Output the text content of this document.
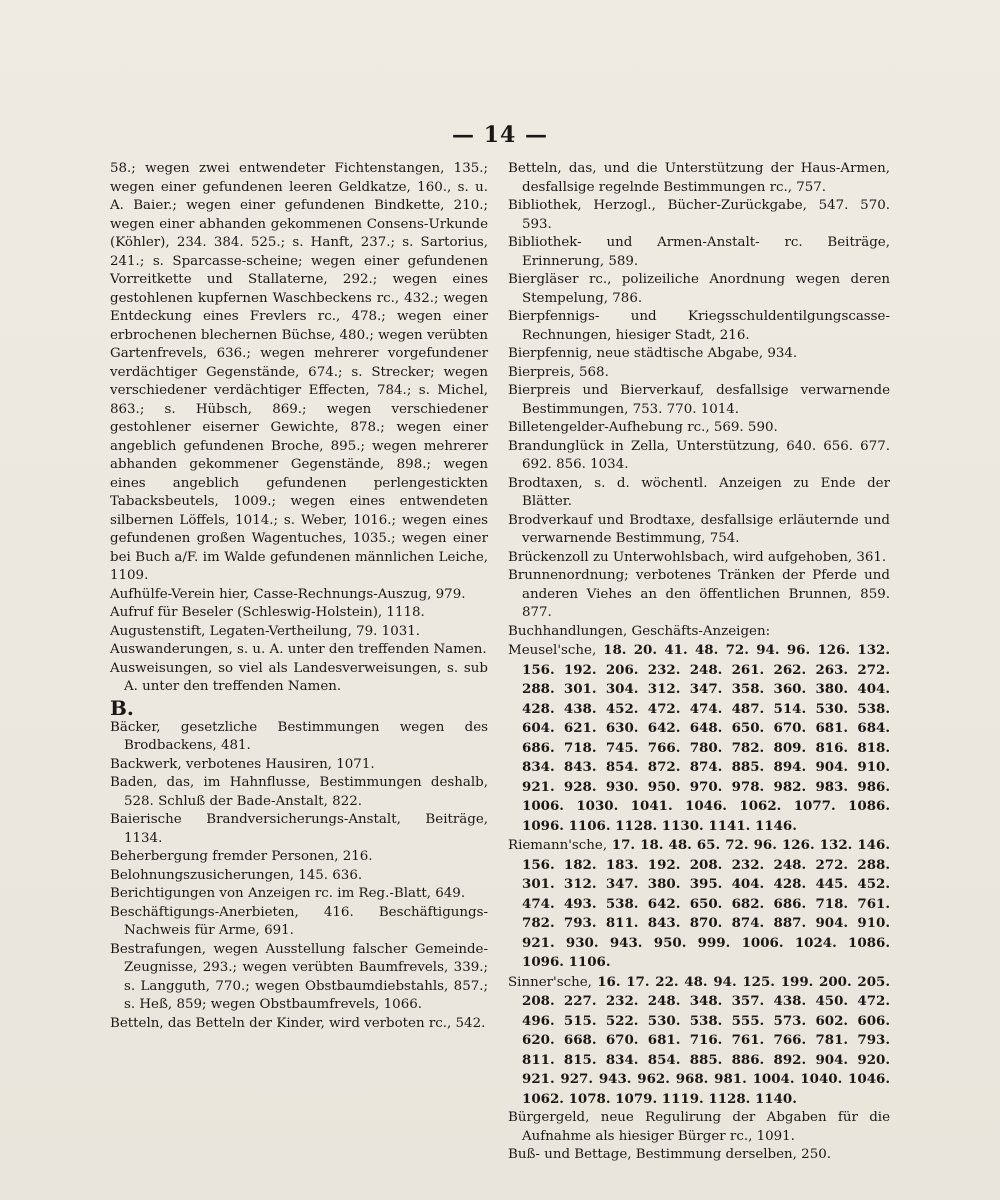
— 14 —

58.; wegen zwei entwendeter Fichtenstangen, 135.; wegen einer gefundenen leeren Geldkatze, 160., s. u. A. Baier.; wegen einer gefundenen Bindkette, 210.; wegen einer abhanden gekommenen Consens-Urkunde (Köhler), 234. 384. 525.; s. Hanft, 237.; s. Sartorius, 241.; s. Sparcasse-scheine; wegen einer gefundenen Vorreitkette und Stallaterne, 292.; wegen eines gestohlenen kupfernen Waschbeckens rc., 432.; wegen Entdeckung eines Frevlers rc., 478.; wegen einer erbrochenen blechernen Büchse, 480.; wegen verübten Gartenfrevels, 636.; wegen mehrerer vorgefundener verdächtiger Gegenstände, 674.; s. Strecker; wegen verschiedener verdächtiger Effecten, 784.; s. Michel, 863.; s. Hübsch, 869.; wegen verschiedener gestohlener eiserner Gewichte, 878.; wegen einer angeblich gefundenen Broche, 895.; wegen mehrerer abhanden gekommener Gegenstände, 898.; wegen eines angeblich gefundenen perlengestickten Tabacksbeutels, 1009.; wegen eines entwendeten silbernen Löffels, 1014.; s. Weber, 1016.; wegen eines gefundenen großen Wagentuches, 1035.; wegen einer bei Buch a/F. im Walde gefundenen männlichen Leiche, 1109.

Aufhülfe-Verein hier, Casse-Rechnungs-Auszug, 979.

Aufruf für Beseler (Schleswig-Holstein), 1118.

Augustenstift, Legaten-Vertheilung, 79. 1031.

Auswanderungen, s. u. A. unter den treffenden Namen.

Ausweisungen, so viel als Landesverweisungen, s. sub A. unter den treffenden Namen.

B.

Bäcker, gesetzliche Bestimmungen wegen des Brodbackens, 481.

Backwerk, verbotenes Hausiren, 1071.

Baden, das, im Hahnflusse, Bestimmungen deshalb, 528. Schluß der Bade-Anstalt, 822.

Baierische Brandversicherungs-Anstalt, Beiträge, 1134.

Beherbergung fremder Personen, 216.

Belohnungszusicherungen, 145. 636.

Berichtigungen von Anzeigen rc. im Reg.-Blatt, 649.

Beschäftigungs-Anerbieten, 416. Beschäftigungs-Nachweis für Arme, 691.

Bestrafungen, wegen Ausstellung falscher Gemeinde-Zeugnisse, 293.; wegen verübten Baumfrevels, 339.; s. Langguth, 770.; wegen Obstbaumdiebstahls, 857.; s. Heß, 859; wegen Obstbaumfrevels, 1066.

Betteln, das Betteln der Kinder, wird verboten rc., 542.

Betteln, das, und die Unterstützung der Haus-Armen, desfallsige regelnde Bestimmungen rc., 757.

Bibliothek, Herzogl., Bücher-Zurückgabe, 547. 570. 593.

Bibliothek- und Armen-Anstalt- rc. Beiträge, Erinnerung, 589.

Biergläser rc., polizeiliche Anordnung wegen deren Stempelung, 786.

Bierpfennigs- und Kriegsschuldentilgungscasse-Rechnungen, hiesiger Stadt, 216.

Bierpfennig, neue städtische Abgabe, 934.

Bierpreis, 568.

Bierpreis und Bierverkauf, desfallsige verwarnende Bestimmungen, 753. 770. 1014.

Billetengelder-Aufhebung rc., 569. 590.

Brandunglück in Zella, Unterstützung, 640. 656. 677. 692. 856. 1034.

Brodtaxen, s. d. wöchentl. Anzeigen zu Ende der Blätter.

Brodverkauf und Brodtaxe, desfallsige erläuternde und verwarnende Bestimmung, 754.

Brückenzoll zu Unterwohlsbach, wird aufgehoben, 361.

Brunnenordnung; verbotenes Tränken der Pferde und anderen Viehes an den öffentlichen Brunnen, 859. 877.

Buchhandlungen, Geschäfts-Anzeigen:

Meusel'sche, 18. 20. 41. 48. 72. 94. 96. 126. 132. 156. 192. 206. 232. 248. 261. 262. 263. 272. 288. 301. 304. 312. 347. 358. 360. 380. 404. 428. 438. 452. 472. 474. 487. 514. 530. 538. 604. 621. 630. 642. 648. 650. 670. 681. 684. 686. 718. 745. 766. 780. 782. 809. 816. 818. 834. 843. 854. 872. 874. 885. 894. 904. 910. 921. 928. 930. 950. 970. 978. 982. 983. 986. 1006. 1030. 1041. 1046. 1062. 1077. 1086. 1096. 1106. 1128. 1130. 1141. 1146.

Riemann'sche, 17. 18. 48. 65. 72. 96. 126. 132. 146. 156. 182. 183. 192. 208. 232. 248. 272. 288. 301. 312. 347. 380. 395. 404. 428. 445. 452. 474. 493. 538. 642. 650. 682. 686. 718. 761. 782. 793. 811. 843. 870. 874. 887. 904. 910. 921. 930. 943. 950. 999. 1006. 1024. 1086. 1096. 1106.

Sinner'sche, 16. 17. 22. 48. 94. 125. 199. 200. 205. 208. 227. 232. 248. 348. 357. 438. 450. 472. 496. 515. 522. 530. 538. 555. 573. 602. 606. 620. 668. 670. 681. 716. 761. 766. 781. 793. 811. 815. 834. 854. 885. 886. 892. 904. 920. 921. 927. 943. 962. 968. 981. 1004. 1040. 1046. 1062. 1078. 1079. 1119. 1128. 1140.

Bürgergeld, neue Regulirung der Abgaben für die Aufnahme als hiesiger Bürger rc., 1091.

Buß- und Bettage, Bestimmung derselben, 250.
